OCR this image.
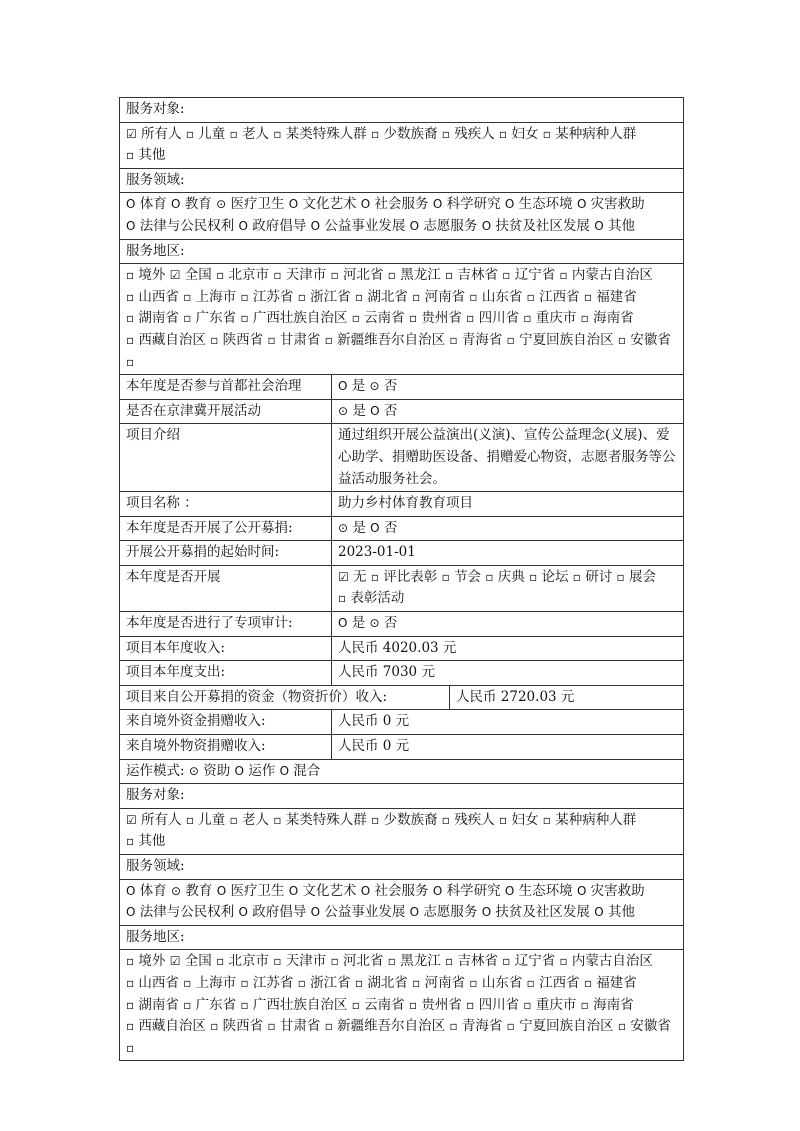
服务对象:		
☑ 所有人 ▫ 儿童 ▫ 老人 ▫ 某类特殊人群 ▫ 少数族裔 ▫ 残疾人 ▫ 妇女 ▫ 某种病种人群 ▫ 其他		
服务领域:		
O 体育 O 教育 ⊙ 医疗卫生 O 文化艺术 O 社会服务 O 科学研究 O 生态环境 O 灾害救助 O 法律与公民权利 O 政府倡导 O 公益事业发展 O 志愿服务 O 扶贫及社区发展 O 其他		
服务地区:		
▫ 境外 ☑ 全国 ▫ 北京市 ▫ 天津市 ▫ 河北省 ▫ 黑龙江 ▫ 吉林省 ▫ 辽宁省 ▫ 内蒙古自治区 ▫ 山西省 ▫ 上海市 ▫ 江苏省 ▫ 浙江省 ▫ 湖北省 ▫ 河南省 ▫ 山东省 ▫ 江西省 ▫ 福建省 ▫ 湖南省 ▫ 广东省 ▫ 广西壮族自治区 ▫ 云南省 ▫ 贵州省 ▫ 四川省 ▫ 重庆市 ▫ 海南省 ▫ 西藏自治区 ▫ 陕西省 ▫ 甘肃省 ▫ 新疆维吾尔自治区 ▫ 青海省 ▫ 宁夏回族自治区 ▫ 安徽省 ▫		
本年度是否参与首都社会治理	O 是 ⊙ 否	
是否在京津冀开展活动	⊙ 是 O 否	
项目介绍	通过组织开展公益演出(义演)、宣传公益理念(义展)、爱心助学、捐赠助医设备、捐赠爱心物资，志愿者服务等公益活动服务社会。	
项目名称 ：	助力乡村体育教育项目	
本年度是否开展了公开募捐:	⊙ 是 O 否	
开展公开募捐的起始时间:	2023-01-01	
本年度是否开展	☑ 无 ▫ 评比表彰 ▫ 节会 ▫ 庆典 ▫ 论坛 ▫ 研讨 ▫ 展会 ▫ 表彰活动	
本年度是否进行了专项审计:	O 是 ⊙ 否	
项目本年度收入:	人民币 4020.03 元	
项目本年度支出:	人民币 7030 元	
项目来自公开募捐的资金（物资折价）收入:		人民币 2720.03 元
来自境外资金捐赠收入:	人民币 0 元	
来自境外物资捐赠收入:	人民币 0 元	
运作模式: ⊙ 资助 O 运作 O 混合		
服务对象:		
☑ 所有人 ▫ 儿童 ▫ 老人 ▫ 某类特殊人群 ▫ 少数族裔 ▫ 残疾人 ▫ 妇女 ▫ 某种病种人群 ▫ 其他		
服务领域:		
O 体育 ⊙ 教育 O 医疗卫生 O 文化艺术 O 社会服务 O 科学研究 O 生态环境 O 灾害救助 O 法律与公民权利 O 政府倡导 O 公益事业发展 O 志愿服务 O 扶贫及社区发展 O 其他		
服务地区:		
▫ 境外 ☑ 全国 ▫ 北京市 ▫ 天津市 ▫ 河北省 ▫ 黑龙江 ▫ 吉林省 ▫ 辽宁省 ▫ 内蒙古自治区 ▫ 山西省 ▫ 上海市 ▫ 江苏省 ▫ 浙江省 ▫ 湖北省 ▫ 河南省 ▫ 山东省 ▫ 江西省 ▫ 福建省 ▫ 湖南省 ▫ 广东省 ▫ 广西壮族自治区 ▫ 云南省 ▫ 贵州省 ▫ 四川省 ▫ 重庆市 ▫ 海南省 ▫ 西藏自治区 ▫ 陕西省 ▫ 甘肃省 ▫ 新疆维吾尔自治区 ▫ 青海省 ▫ 宁夏回族自治区 ▫ 安徽省 ▫		
